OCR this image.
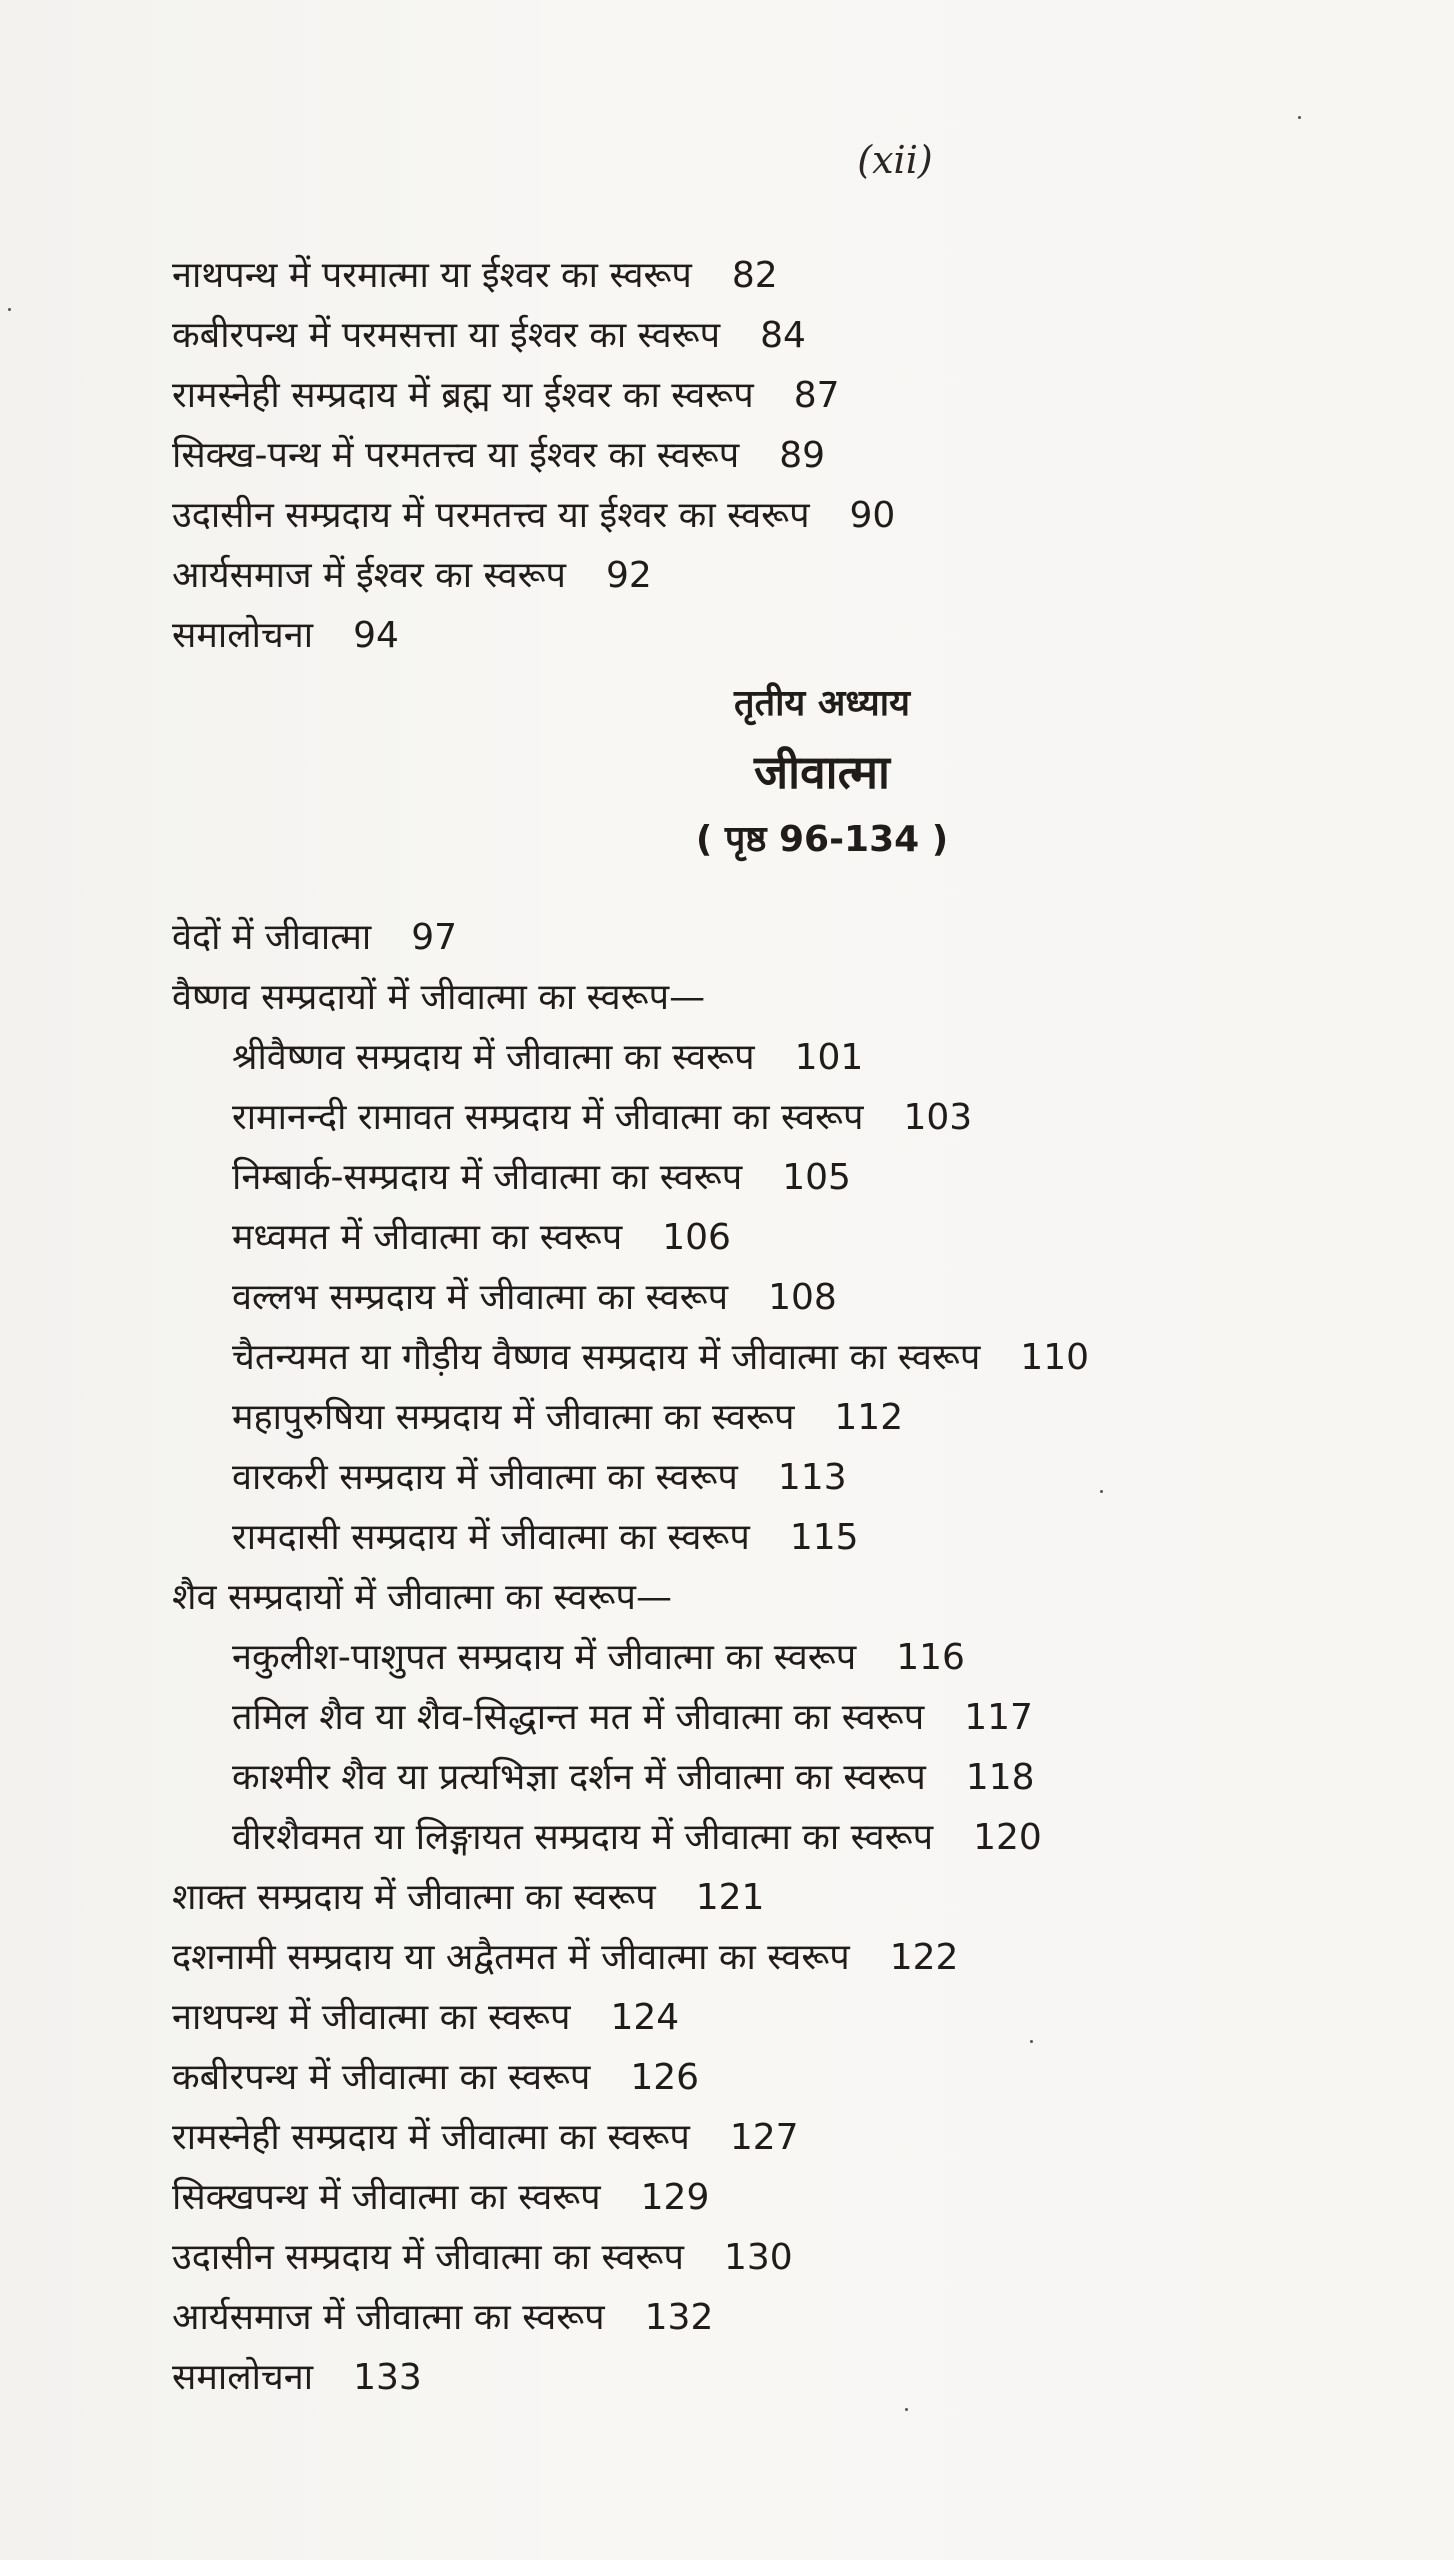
(xii)
नाथपन्थ में परमात्मा या ईश्वर का स्वरूप 82
कबीरपन्थ में परमसत्ता या ईश्वर का स्वरूप 84
रामस्नेही सम्प्रदाय में ब्रह्म या ईश्वर का स्वरूप 87
सिक्ख-पन्थ में परमतत्त्व या ईश्वर का स्वरूप 89
उदासीन सम्प्रदाय में परमतत्त्व या ईश्वर का स्वरूप 90
आर्यसमाज में ईश्वर का स्वरूप 92
समालोचना 94
तृतीय अध्याय
जीवात्मा
( पृष्ठ 96-134 )
वेदों में जीवात्मा 97
वैष्णव सम्प्रदायों में जीवात्मा का स्वरूप—
श्रीवैष्णव सम्प्रदाय में जीवात्मा का स्वरूप 101
रामानन्दी रामावत सम्प्रदाय में जीवात्मा का स्वरूप 103
निम्बार्क-सम्प्रदाय में जीवात्मा का स्वरूप 105
मध्वमत में जीवात्मा का स्वरूप 106
वल्लभ सम्प्रदाय में जीवात्मा का स्वरूप 108
चैतन्यमत या गौड़ीय वैष्णव सम्प्रदाय में जीवात्मा का स्वरूप 110
महापुरुषिया सम्प्रदाय में जीवात्मा का स्वरूप 112
वारकरी सम्प्रदाय में जीवात्मा का स्वरूप 113
रामदासी सम्प्रदाय में जीवात्मा का स्वरूप 115
शैव सम्प्रदायों में जीवात्मा का स्वरूप—
नकुलीश-पाशुपत सम्प्रदाय में जीवात्मा का स्वरूप 116
तमिल शैव या शैव-सिद्धान्त मत में जीवात्मा का स्वरूप 117
काश्मीर शैव या प्रत्यभिज्ञा दर्शन में जीवात्मा का स्वरूप 118
वीरशैवमत या लिङ्गायत सम्प्रदाय में जीवात्मा का स्वरूप 120
शाक्त सम्प्रदाय में जीवात्मा का स्वरूप 121
दशनामी सम्प्रदाय या अद्वैतमत में जीवात्मा का स्वरूप 122
नाथपन्थ में जीवात्मा का स्वरूप 124
कबीरपन्थ में जीवात्मा का स्वरूप 126
रामस्नेही सम्प्रदाय में जीवात्मा का स्वरूप 127
सिक्खपन्थ में जीवात्मा का स्वरूप 129
उदासीन सम्प्रदाय में जीवात्मा का स्वरूप 130
आर्यसमाज में जीवात्मा का स्वरूप 132
समालोचना 133
